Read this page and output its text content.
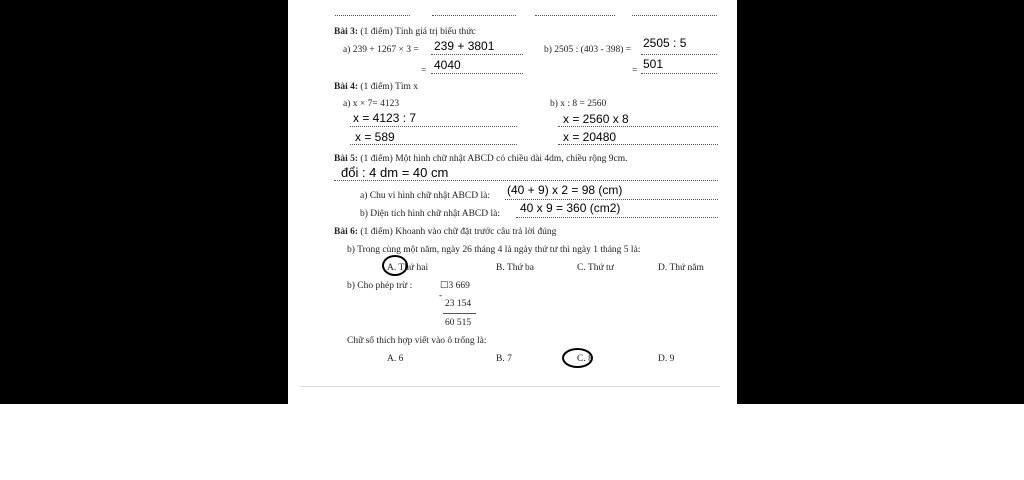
Bài 3: (1 điểm) Tính giá trị biểu thức
a) 239 + 1267 × 3 = 239 + 3801
= 4040
b) 2505 : (403 - 398) = 2505 : 5
= 501
Bài 4: (1 điểm) Tìm x
a) x × 7= 4123
x = 4123 : 7
x = 589
b) x : 8 = 2560
x = 2560 x 8
x = 20480
Bài 5: (1 điểm) Một hình chữ nhật ABCD có chiều dài 4dm, chiều rộng 9cm.
đổi : 4 dm = 40 cm
a) Chu vi hình chữ nhật ABCD là: (40 + 9) x 2 = 98 (cm)
b) Diện tích hình chữ nhật ABCD là: 40 x 9 = 360 (cm2)
Bài 6: (1 điểm) Khoanh vào chữ đặt trước câu trả lời đúng
b) Trong cùng một năm, ngày 26 tháng 4 là ngày thứ tư thì ngày 1 tháng 5 là:
A. Thứ hai	B. Thứ ba	C. Thứ tư	D. Thứ năm
b) Cho phép trừ :	☐3 669
-
23 154
60 515
Chữ số thích hợp viết vào ô trống là:
A. 6	B. 7	C. 8	D. 9
